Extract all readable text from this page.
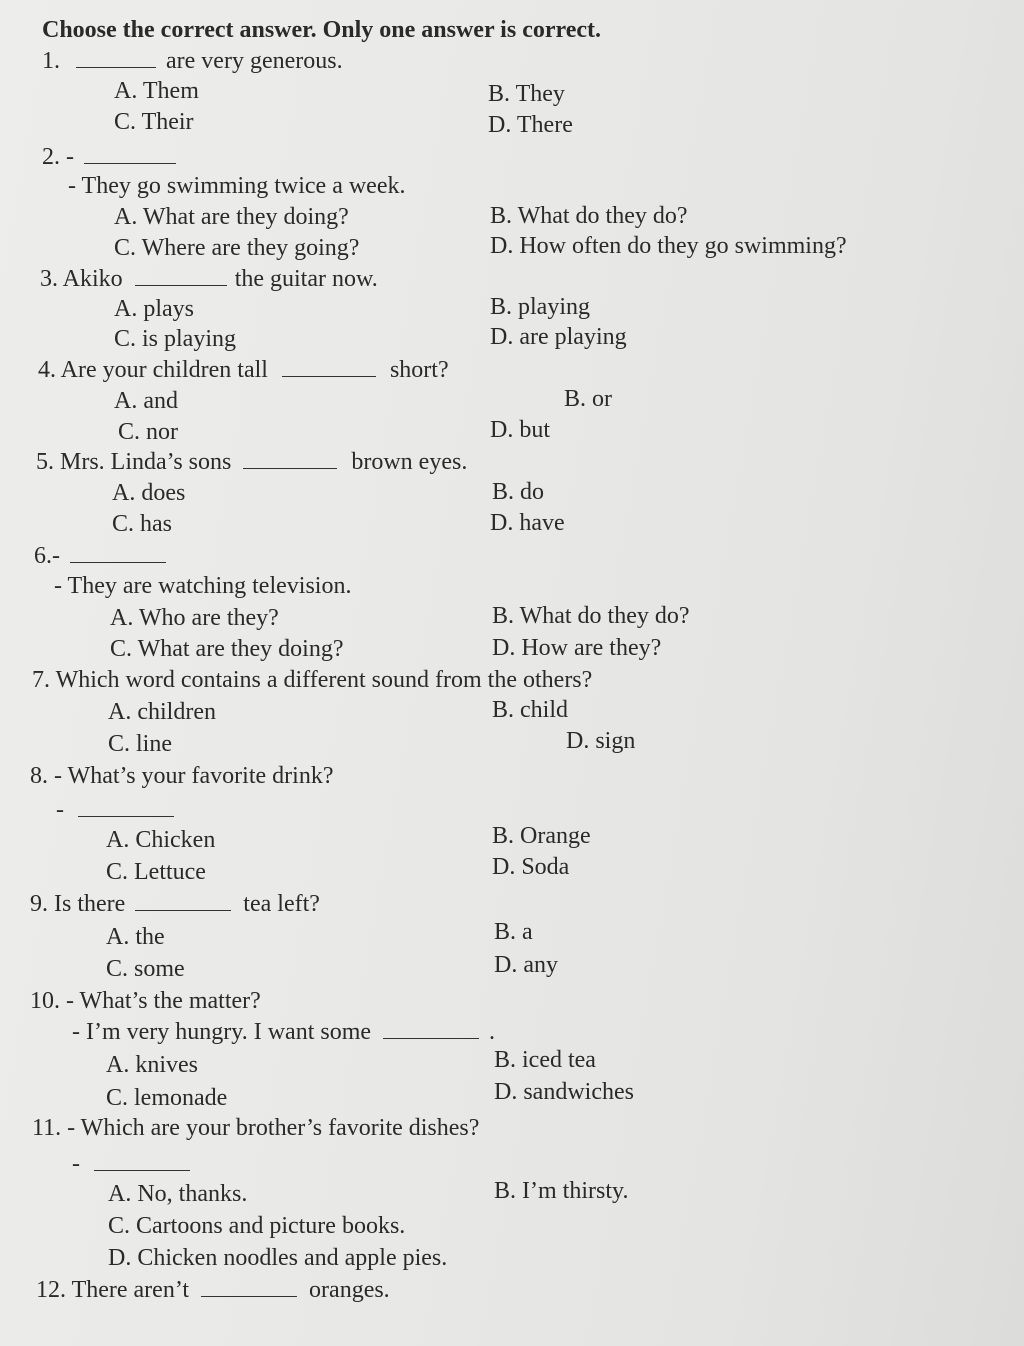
Choose the correct answer. Only one answer is correct.
1.	are very generous.
A. Them	B. They
C. Their	D. There
2. -
- They go swimming twice a week.
A. What are they doing?	B. What do they do?
C. Where are they going?	D. How often do they go swimming?
3. Akiko	the guitar now.
A. plays	B. playing
C. is playing	D. are playing
4. Are your children tall	short?
A. and	B. or
C. nor	D. but
5. Mrs. Linda’s sons	brown eyes.
A. does	B. do
C. has	D. have
6.-
- They are watching television.
A. Who are they?	B. What do they do?
C. What are they doing?	D. How are they?
7. Which word contains a different sound from the others?
A. children	B. child
C. line	D. sign
8. - What’s your favorite drink?
-
A. Chicken	B. Orange
C. Lettuce	D. Soda
9. Is there	tea left?
A. the	B. a
C. some	D. any
10. - What’s the matter?
- I’m very hungry. I want some	.
A. knives	B. iced tea
C. lemonade	D. sandwiches
11. - Which are your brother’s favorite dishes?
-
A. No, thanks.	B. I’m thirsty.
C. Cartoons and picture books.
D. Chicken noodles and apple pies.
12. There aren’t	oranges.
